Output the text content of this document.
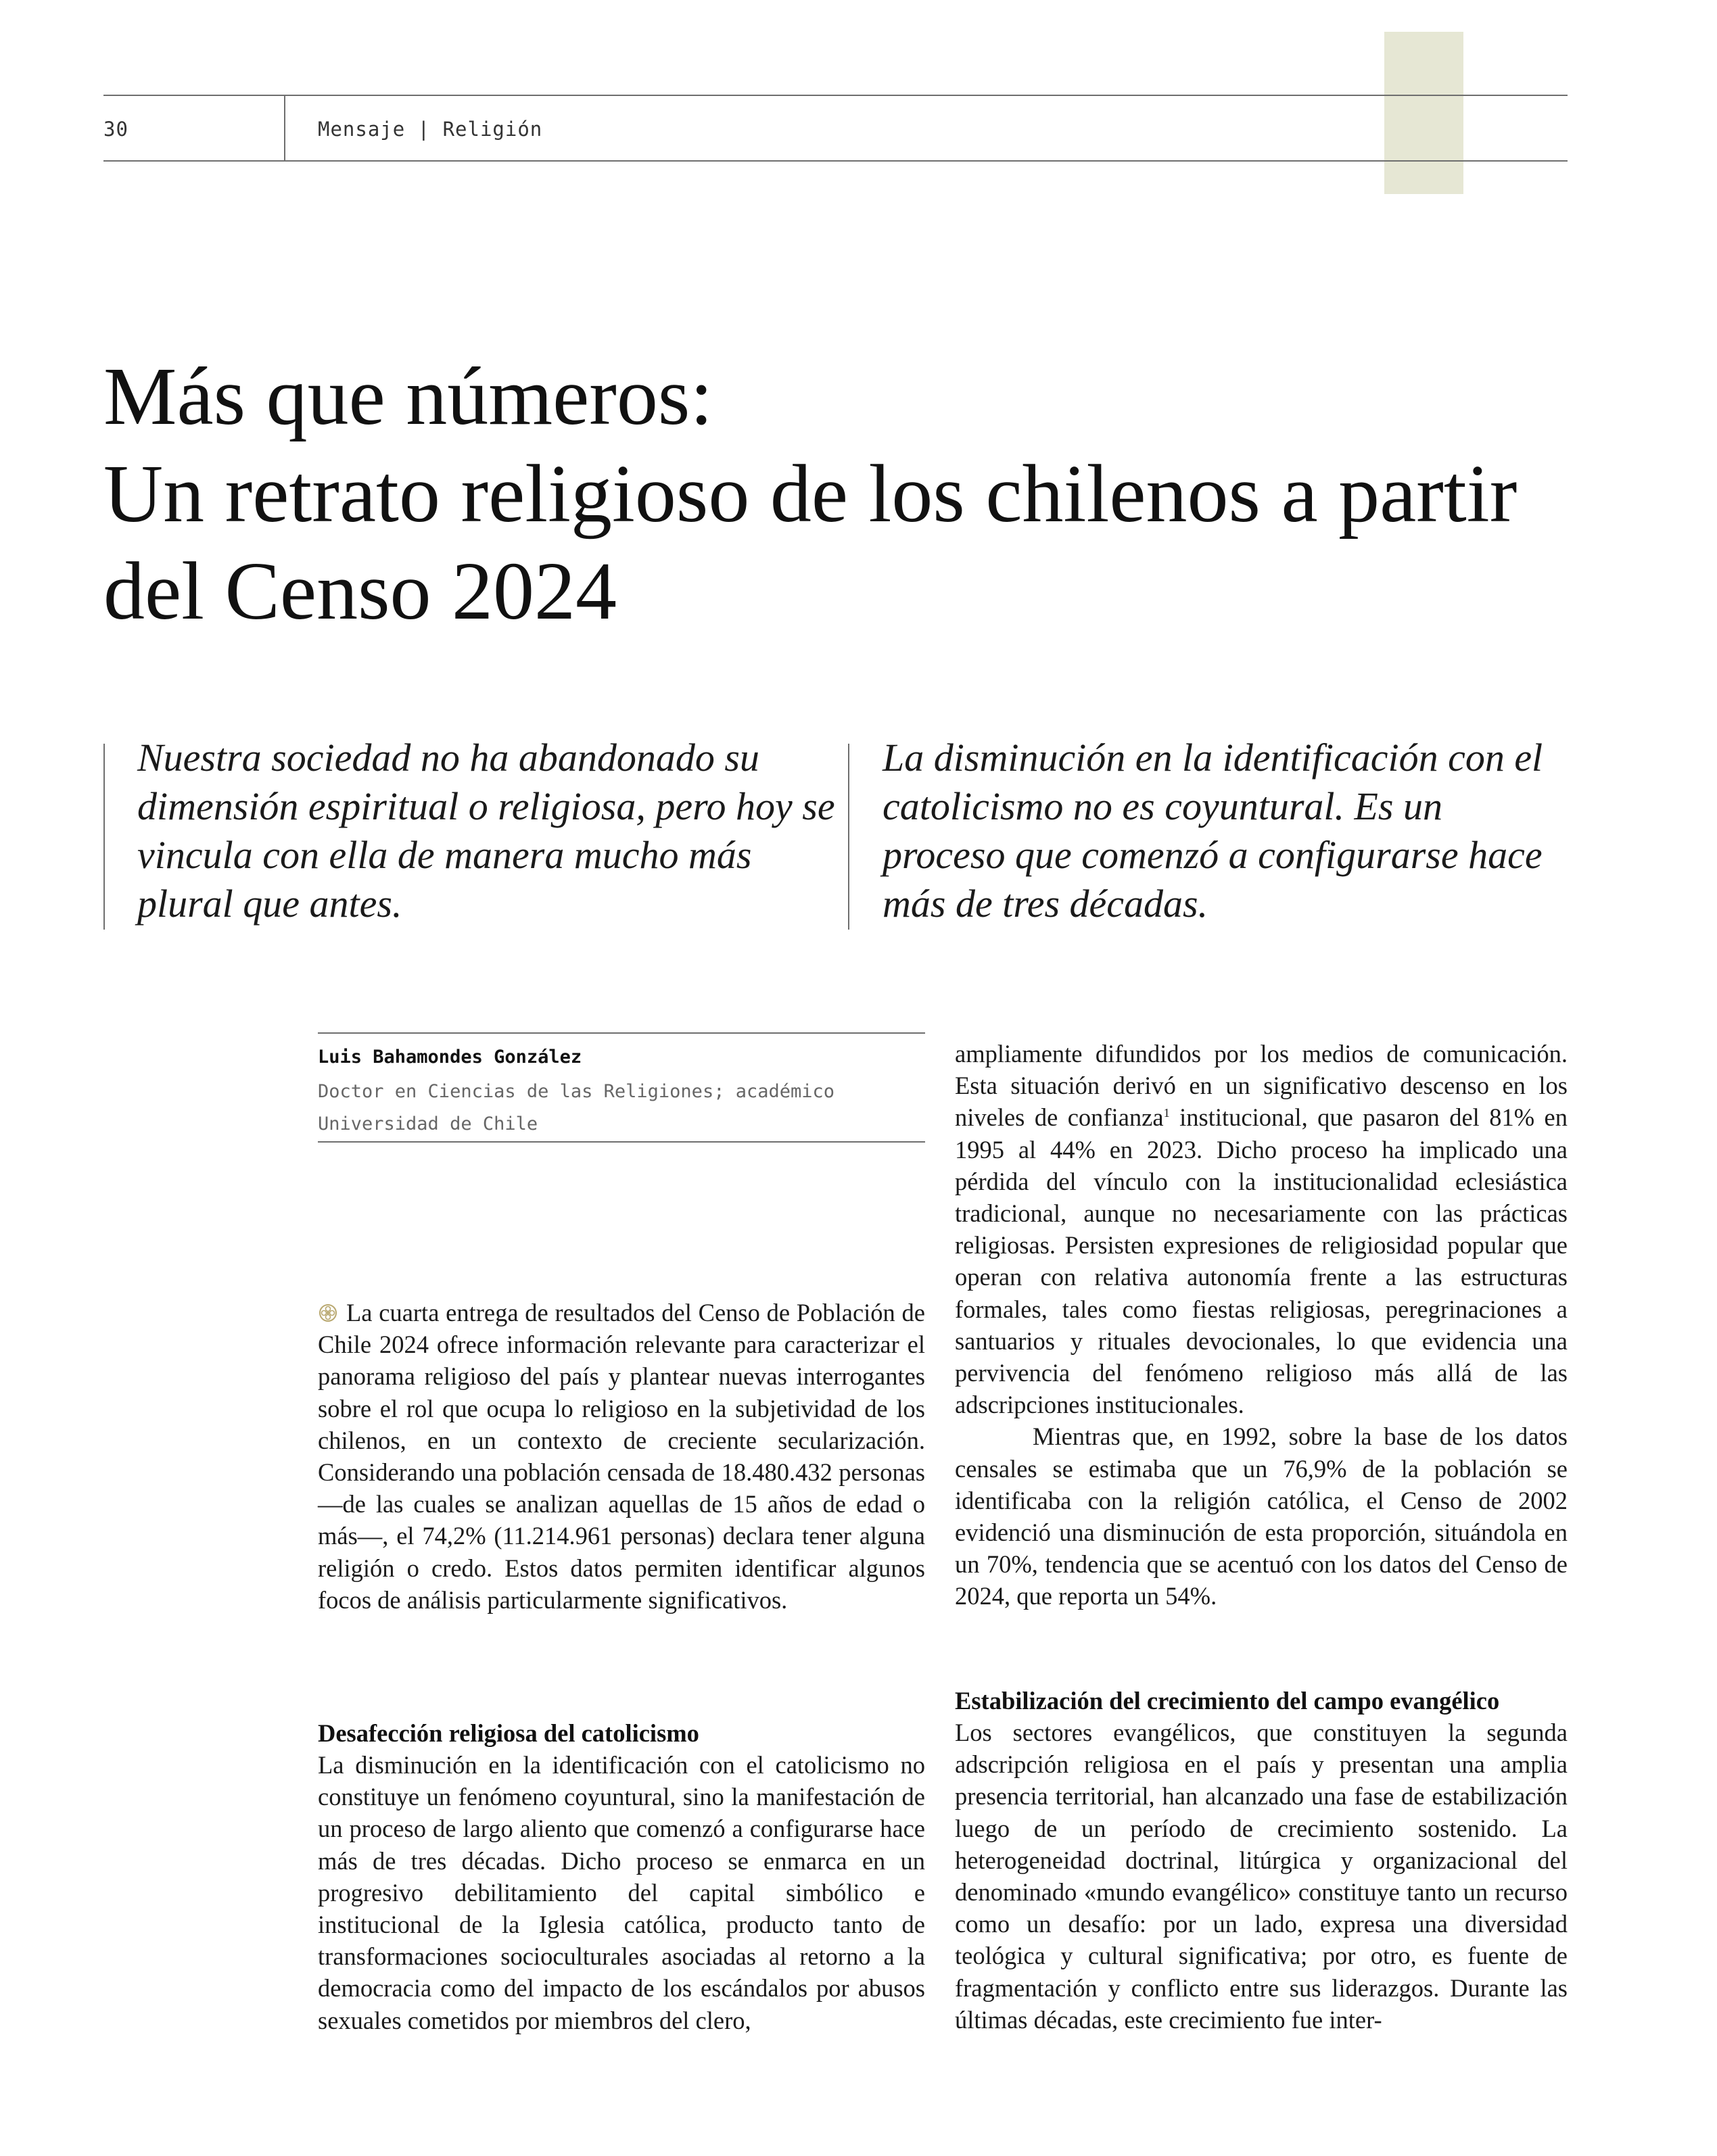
30	Mensaje | Religión
Más que números:
Un retrato religioso de los chilenos a partir
del Censo 2024

Nuestra sociedad no ha abandonado su dimensión espiritual o religiosa, pero hoy se vincula con ella de manera mucho más plural que antes.

La disminución en la identificación con el catolicismo no es coyuntural. Es un proceso que comenzó a configurarse hace más de tres décadas.

Luis Bahamondes González
Doctor en Ciencias de las Religiones; académico
Universidad de Chile

La cuarta entrega de resultados del Censo de Población de Chile 2024 ofrece información relevante para caracterizar el panorama religioso del país y plantear nuevas interrogantes sobre el rol que ocupa lo religioso en la subjetividad de los chilenos, en un contexto de creciente secularización. Considerando una población censada de 18.480.432 personas —de las cuales se analizan aquellas de 15 años de edad o más—, el 74,2% (11.214.961 personas) declara tener alguna religión o credo. Estos datos permiten identificar algunos focos de análisis particularmente significativos.

Desafección religiosa del catolicismo

La disminución en la identificación con el catolicismo no constituye un fenómeno coyuntural, sino la manifestación de un proceso de largo aliento que comenzó a configurarse hace más de tres décadas. Dicho proceso se enmarca en un progresivo debilitamiento del capital simbólico e institucional de la Iglesia católica, producto tanto de transformaciones socioculturales asociadas al retorno a la democracia como del impacto de los escándalos por abusos sexuales cometidos por miembros del clero,

ampliamente difundidos por los medios de comunicación. Esta situación derivó en un significativo descenso en los niveles de confianza$^1$ institucional, que pasaron del 81% en 1995 al 44% en 2023. Dicho proceso ha implicado una pérdida del vínculo con la institucionalidad eclesiástica tradicional, aunque no necesariamente con las prácticas religiosas. Persisten expresiones de religiosidad popular que operan con relativa autonomía frente a las estructuras formales, tales como fiestas religiosas, peregrinaciones a santuarios y rituales devocionales, lo que evidencia una pervivencia del fenómeno religioso más allá de las adscripciones institucionales.

Mientras que, en 1992, sobre la base de los datos censales se estimaba que un 76,9% de la población se identificaba con la religión católica, el Censo de 2002 evidenció una disminución de esta proporción, situándola en un 70%, tendencia que se acentuó con los datos del Censo de 2024, que reporta un 54%.

Estabilización del crecimiento del campo evangélico

Los sectores evangélicos, que constituyen la segunda adscripción religiosa en el país y presentan una amplia presencia territorial, han alcanzado una fase de estabilización luego de un período de crecimiento sostenido. La heterogeneidad doctrinal, litúrgica y organizacional del denominado «mundo evangélico» constituye tanto un recurso como un desafío: por un lado, expresa una diversidad teológica y cultural significativa; por otro, es fuente de fragmentación y conflicto entre sus liderazgos. Durante las últimas décadas, este crecimiento fue inter-
